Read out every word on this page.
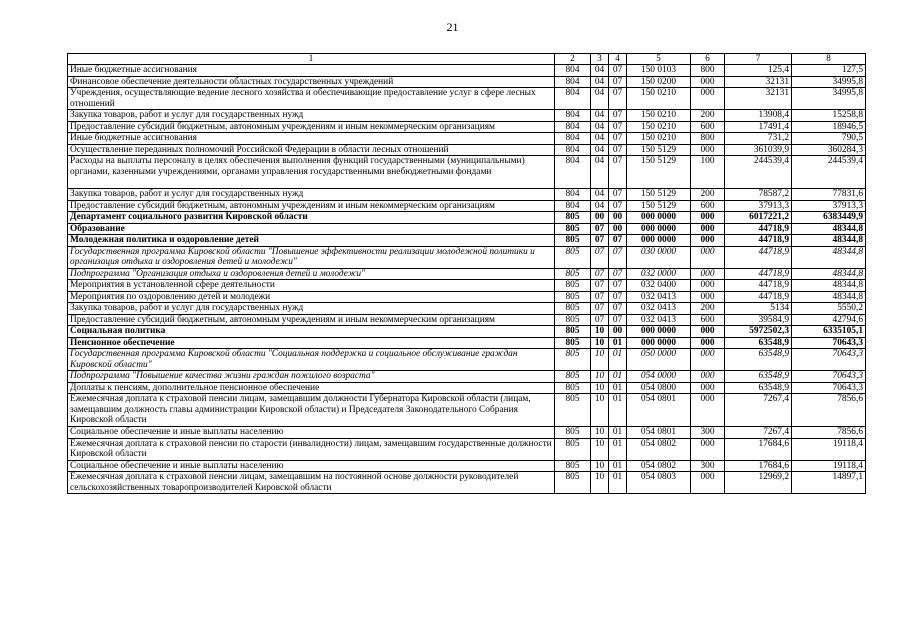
21
1	2	3	4	5	6	7	8
Иные бюджетные ассигнования	804	04	07	150 0103	800	125,4	127,5
Финансовое обеспечение деятельности областных государственных учреждений	804	04	07	150 0200	000	32131	34995,8
Учреждения, осуществляющие ведение лесного хозяйства и обеспечивающие предоставление услуг в сфере лесных отношений	804	04	07	150 0210	000	32131	34995,8
Закупка товаров, работ и услуг для государственных нужд	804	04	07	150 0210	200	13908,4	15258,8
Предоставление субсидий бюджетным, автономным учреждениям и иным некоммерческим организациям	804	04	07	150 0210	600	17491,4	18946,5
Иные бюджетные ассигнования	804	04	07	150 0210	800	731,2	790,5
Осуществление переданных полномочий Российской Федерации в области лесных отношений	804	04	07	150 5129	000	361039,9	360284,3
Расходы на выплаты персоналу в целях обеспечения выполнения функций государственными (муниципальными) органами, казенными учреждениями, органами управления государственными внебюджетными фондами	804	04	07	150 5129	100	244539,4	244539,4
Закупка товаров, работ и услуг для государственных нужд	804	04	07	150 5129	200	78587,2	77831,6
Предоставление субсидий бюджетным, автономным учреждениям и иным некоммерческим организациям	804	04	07	150 5129	600	37913,3	37913,3
Департамент социального развития Кировской области	805	00	00	000 0000	000	6017221,2	6383449,9
Образование	805	07	00	000 0000	000	44718,9	48344,8
Молодежная политика и оздоровление детей	805	07	07	000 0000	000	44718,9	48344,8
Государственная программа Кировской области "Повышение эффективности реализации молодежной политики и организация отдыха и оздоровления детей и молодежи"	805	07	07	030 0000	000	44718,9	48344,8
Подпрограмма "Организация отдыха и оздоровления детей и молодежи"	805	07	07	032 0000	000	44718,9	48344,8
Мероприятия в установленной сфере деятельности	805	07	07	032 0400	000	44718,9	48344,8
Мероприятия по оздоровлению детей и молодежи	805	07	07	032 0413	000	44718,9	48344,8
Закупка товаров, работ и услуг для государственных нужд	805	07	07	032 0413	200	5134	5550,2
Предоставление субсидий бюджетным, автономным учреждениям и иным некоммерческим организациям	805	07	07	032 0413	600	39584,9	42794,6
Социальная политика	805	10	00	000 0000	000	5972502,3	6335105,1
Пенсионное обеспечение	805	10	01	000 0000	000	63548,9	70643,3
Государственная программа Кировской области "Социальная поддержка и социальное обслуживание граждан Кировской области"	805	10	01	050 0000	000	63548,9	70643,3
Подпрограмма "Повышение качества жизни граждан пожилого возраста"	805	10	01	054 0000	000	63548,9	70643,3
Доплаты к пенсиям, дополнительное пенсионное обеспечение	805	10	01	054 0800	000	63548,9	70643,3
Ежемесячная доплата к страховой пенсии лицам, замещавшим должности Губернатора Кировской области (лицам, замещавшим должность главы администрации Кировской области) и Председателя Законодательного Собрания Кировской области	805	10	01	054 0801	000	7267,4	7856,6
Социальное обеспечение и иные выплаты населению	805	10	01	054 0801	300	7267,4	7856,6
Ежемесячная доплата к страховой пенсии по старости (инвалидности) лицам, замещавшим государственные должности Кировской области	805	10	01	054 0802	000	17684,6	19118,4
Социальное обеспечение и иные выплаты населению	805	10	01	054 0802	300	17684,6	19118,4
Ежемесячная доплата к страховой пенсии лицам, замещавшим на постоянной основе должности руководителей сельскохозяйственных товаропроизводителей Кировской области	805	10	01	054 0803	000	12969,2	14897,1
